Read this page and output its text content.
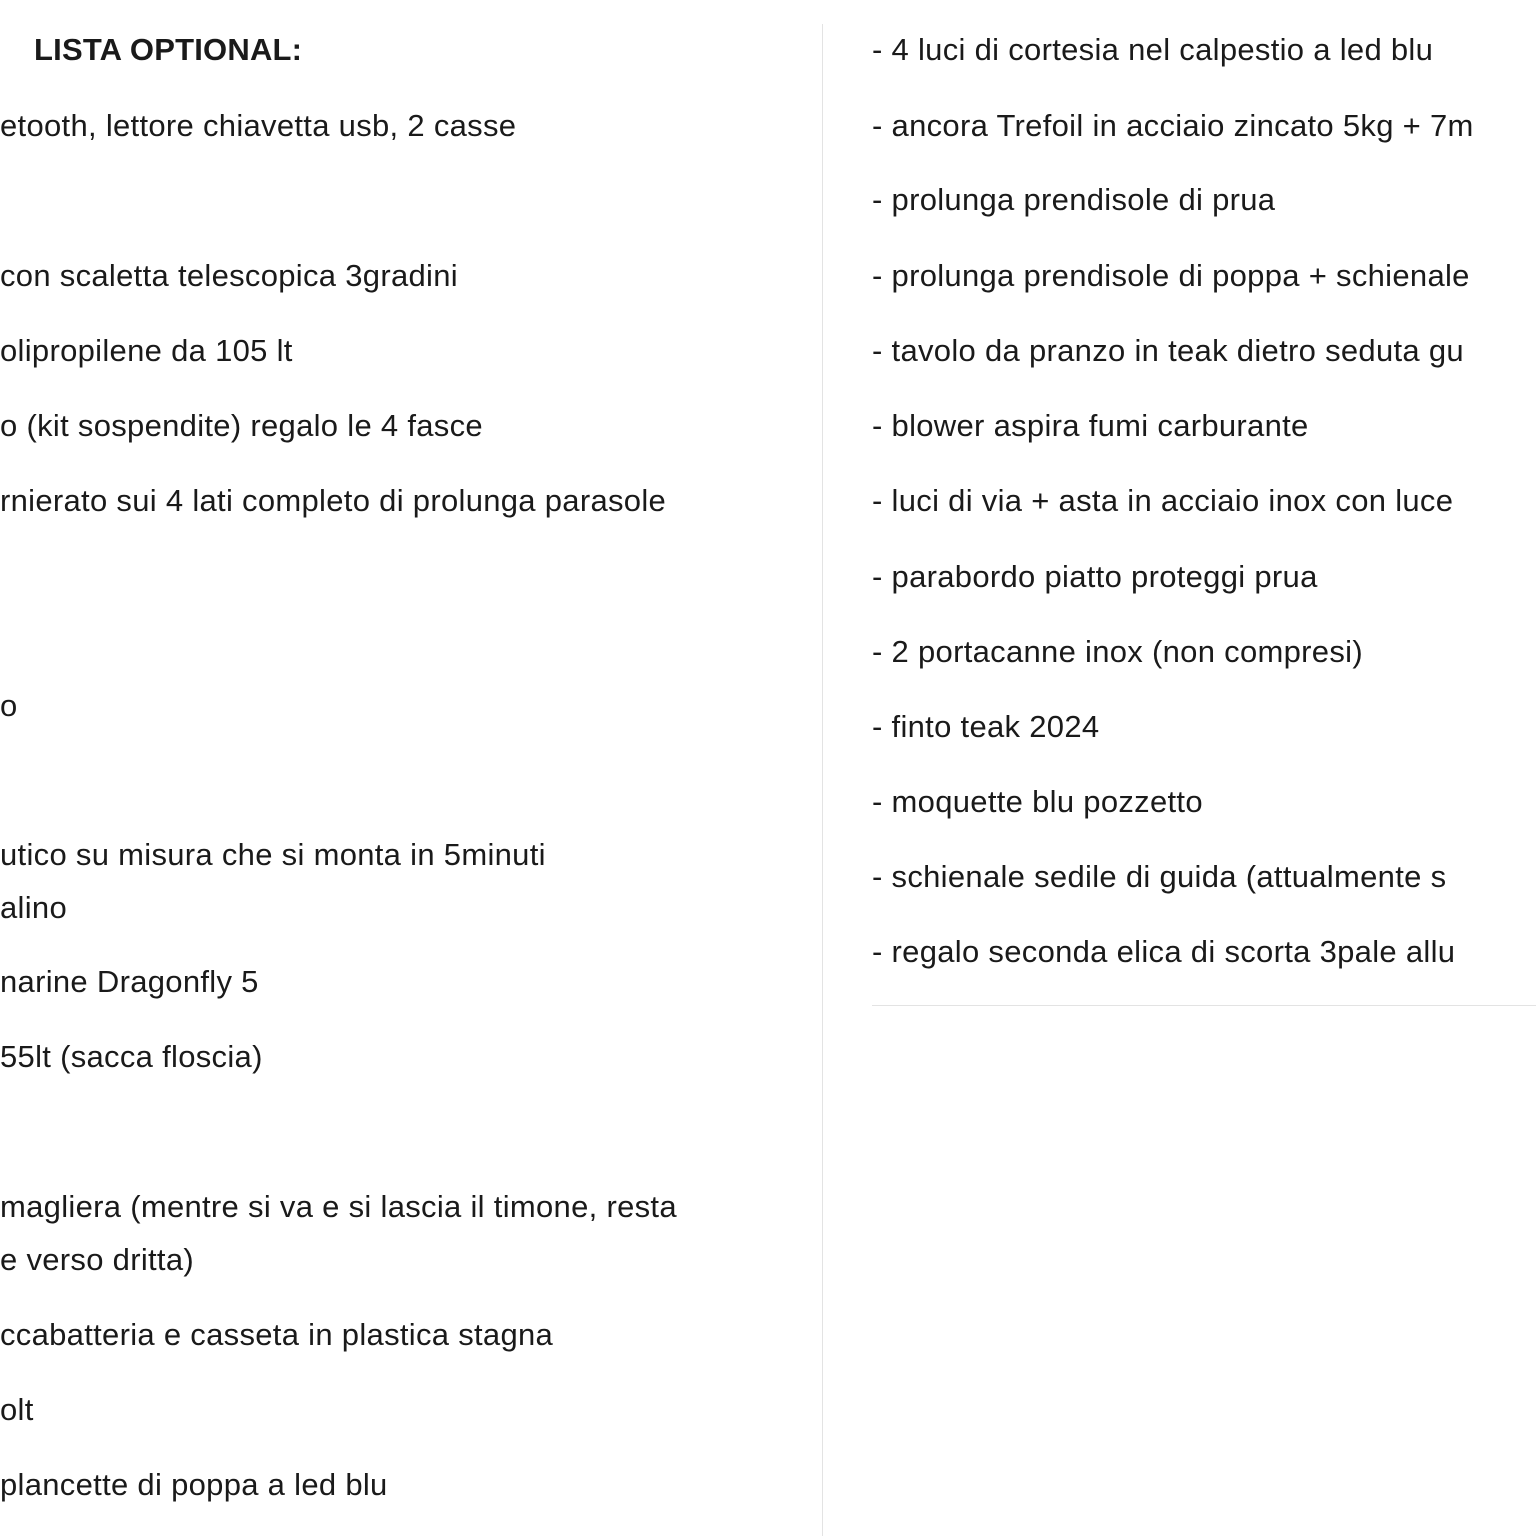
LISTA OPTIONAL:
etooth, lettore chiavetta usb, 2 casse
con scaletta telescopica 3gradini
olipropilene da 105 lt
o (kit sospendite) regalo le 4 fasce
rnierato sui 4 lati completo di prolunga parasole
o
utico su misura che si monta in 5minuti
alino
narine Dragonfly 5
55lt (sacca floscia)
magliera (mentre si va e si lascia il timone, resta
e verso dritta)
ccabatteria e casseta in plastica stagna
olt
plancette di poppa a led blu
- 4 luci di cortesia nel calpestio a led blu
- ancora Trefoil in acciaio zincato 5kg + 7m
- prolunga prendisole di prua
- prolunga prendisole di poppa + schienale
- tavolo da pranzo in teak dietro seduta gu
- blower aspira fumi carburante
- luci di via + asta in acciaio inox con luce
- parabordo piatto proteggi prua
- 2 portacanne inox (non compresi)
- finto teak 2024
- moquette blu pozzetto
- schienale sedile di guida (attualmente s
- regalo seconda elica di scorta 3pale allu
